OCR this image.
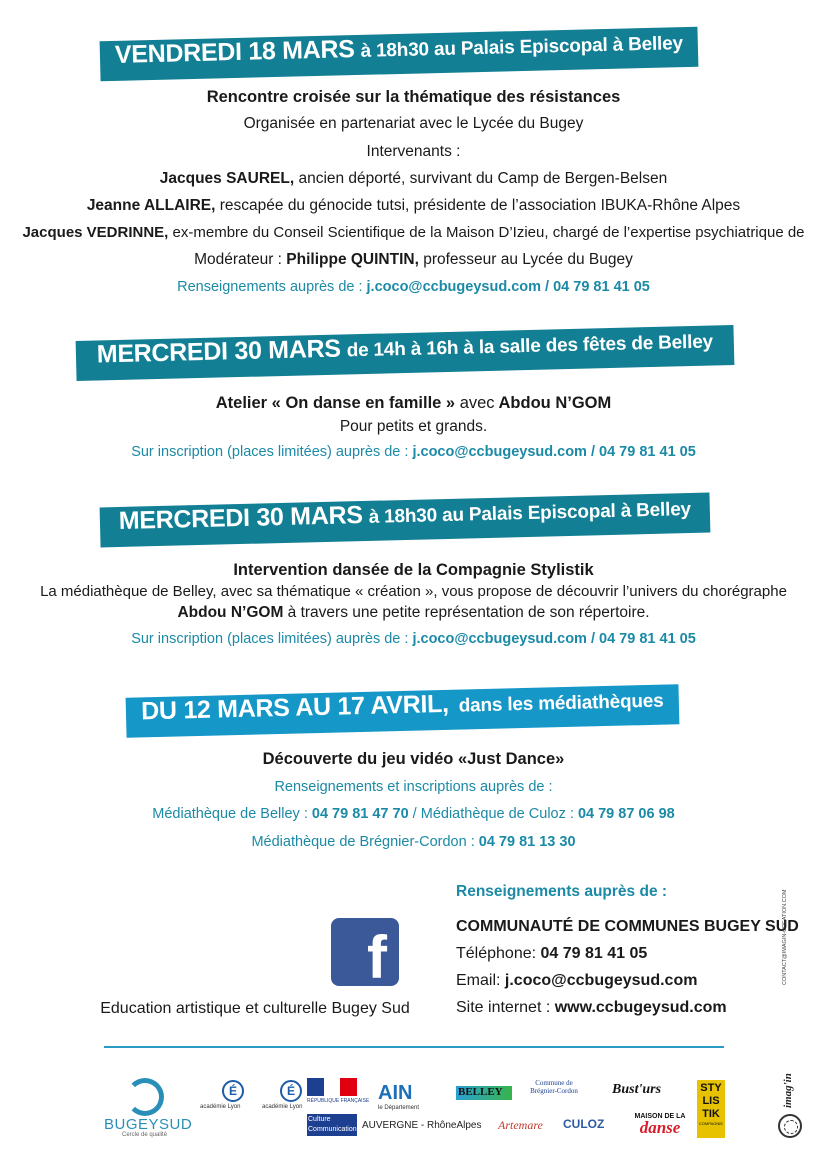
VENDREDI 18 MARS à 18h30 au Palais Episcopal à Belley
Rencontre croisée sur la thématique des résistances
Organisée en partenariat avec le Lycée du Bugey
Intervenants :
Jacques SAUREL, ancien déporté, survivant du Camp de Bergen-Belsen
Jeanne ALLAIRE, rescapée du génocide tutsi, présidente de l’association IBUKA-Rhône Alpes
Jacques VEDRINNE, ex-membre du Conseil Scientifique de la Maison D’Izieu, chargé de l’expertise psychiatrique de
Modérateur : Philippe QUINTIN, professeur au Lycée du Bugey
Renseignements auprès de : j.coco@ccbugeysud.com / 04 79 81 41 05
MERCREDI 30 MARS de 14h à 16h à la salle des fêtes de Belley
Atelier « On danse en famille » avec Abdou N’GOM
Pour petits et grands.
Sur inscription (places limitées) auprès de : j.coco@ccbugeysud.com / 04 79 81 41 05
MERCREDI 30 MARS à 18h30 au Palais Episcopal à Belley
Intervention dansée de la Compagnie Stylistik
La médiathèque de Belley, avec sa thématique « création », vous propose de découvrir l’univers du chorégraphe
Abdou N’GOM à travers une petite représentation de son répertoire.
Sur inscription (places limitées) auprès de : j.coco@ccbugeysud.com / 04 79 81 41 05
DU 12 MARS AU 17 AVRIL, dans les médiathèques
Découverte du jeu vidéo «Just Dance»
Renseignements et inscriptions auprès de :
Médiathèque de Belley : 04 79 81 47 70 / Médiathèque de Culoz : 04 79 87 06 98
Médiathèque de Brégnier-Cordon : 04 79 81 13 30
f
Education artistique et culturelle Bugey Sud
Renseignements auprès de :
COMMUNAUTÉ DE COMMUNES BUGEY SUD
Téléphone: 04 79 81 41 05
Email: j.coco@ccbugeysud.com
Site internet : www.ccbugeysud.com
CONTACT@IMAGIN-CREATION.COM
BUGEYSUD
Cercle de qualité
É
académie Lyon
É
académie Lyon
RÉPUBLIQUE FRANÇAISE
Culture Communication
AIN
le Département
AUVERGNE - RhôneAlpes
BELLEY
Commune de Brégnier-Cordon
Artemare
Bust'urs
CULOZ
MAISON DE LA
danse
STY LIS TIK
COMPAGNIE
imag'in
